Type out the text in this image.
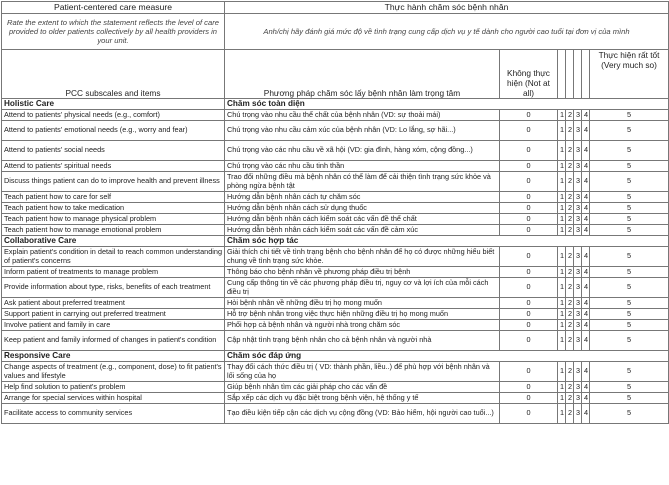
Patient-centered care measure	Thực hành chăm sóc bệnh nhân						
Rate the extent to which the statement reflects the level of care provided to older patients collectively by all health providers in your unit.	Anh/chị hãy đánh giá mức độ về tình trạng cung cấp dịch vụ y tế dành cho người cao tuổi tại đơn vị của mình						
PCC subscales and items	Phương pháp chăm sóc lấy bệnh nhân làm trọng tâm	Không thực hiện (Not at all)					Thực hiện rất tốt (Very much so)
Holistic Care	Chăm sóc toàn diện						
Attend to patients' physical needs (e.g., comfort)	Chú trọng vào nhu cầu thể chất của bệnh nhân (VD: sự thoải mái)	0	1	2	3	4	5
Attend to patients' emotional needs (e.g., worry and fear)	Chú trọng vào nhu cầu cảm xúc của bệnh nhân (VD: Lo lắng, sợ hãi...)	0	1	2	3	4	5
Attend to patients' social needs	Chú trọng vào các nhu cầu về xã hội (VD: gia đình, hàng xóm, cộng đồng...)	0	1	2	3	4	5
Attend to patients' spiritual needs	Chú trọng vào các nhu cầu tinh thần	0	1	2	3	4	5
Discuss things patient can do to improve health and prevent illness	Trao đổi những điều mà bệnh nhân có thể làm để cải thiện tình trạng sức khỏe và phòng ngừa bệnh tật	0	1	2	3	4	5
Teach patient how to care for self	Hướng dẫn bệnh nhân cách tự chăm sóc	0	1	2	3	4	5
Teach patient how to take medication	Hướng dẫn bệnh nhân cách sử dụng thuốc	0	1	2	3	4	5
Teach patient how to manage physical problem	Hướng dẫn bệnh nhân cách kiểm soát các vấn đề thể chất	0	1	2	3	4	5
Teach patient how to manage emotional problem	Hướng dẫn bệnh nhân cách kiểm soát các vấn đề cảm xúc	0	1	2	3	4	5
Collaborative Care	Chăm sóc hợp tác						
Explain patient's condition in detail to reach common understanding of patient's concerns	Giải thích chi tiết về tình trạng bệnh cho bệnh nhân để họ có được những hiểu biết chung về tình trạng sức khỏe.	0	1	2	3	4	5
Inform patient of treatments to manage problem	Thông báo cho bệnh nhân về phương pháp điều trị bệnh	0	1	2	3	4	5
Provide information about type, risks, benefits of each treatment	Cung cấp thông tin về các phương pháp điều trị, nguy cơ và lợi ích của mỗi cách điều trị	0	1	2	3	4	5
Ask patient about preferred treatment	Hỏi bệnh nhân về những điều trị họ mong muốn	0	1	2	3	4	5
Support patient in carrying out preferred treatment	Hỗ trợ bệnh nhân trong việc thực hiện những điều trị họ mong muốn	0	1	2	3	4	5
Involve patient and family in care	Phối hợp cả bệnh nhân và người nhà trong chăm sóc	0	1	2	3	4	5
Keep patient and family informed of changes in patient's condition	Cập nhật tình trạng bệnh nhân cho cả bệnh nhân và người nhà	0	1	2	3	4	5
Responsive Care	Chăm sóc đáp ứng						
Change aspects of treatment (e.g., component, dose) to fit patient's values and lifestyle	Thay đổi cách thức điều trị ( VD: thành phần, liều..) để phù hợp với bệnh nhân và lối sống của họ	0	1	2	3	4	5
Help find solution to patient's problem	Giúp bệnh nhân tìm các giải pháp cho các vấn đề	0	1	2	3	4	5
Arrange for special services within hospital	Sắp xếp các dịch vụ đặc biệt trong bệnh viện, hệ thống y tế	0	1	2	3	4	5
Facilitate access to community services	Tạo điều kiện tiếp cận các dịch vụ cộng đồng (VD: Bảo hiểm, hội người cao tuổi...)	0	1	2	3	4	5
